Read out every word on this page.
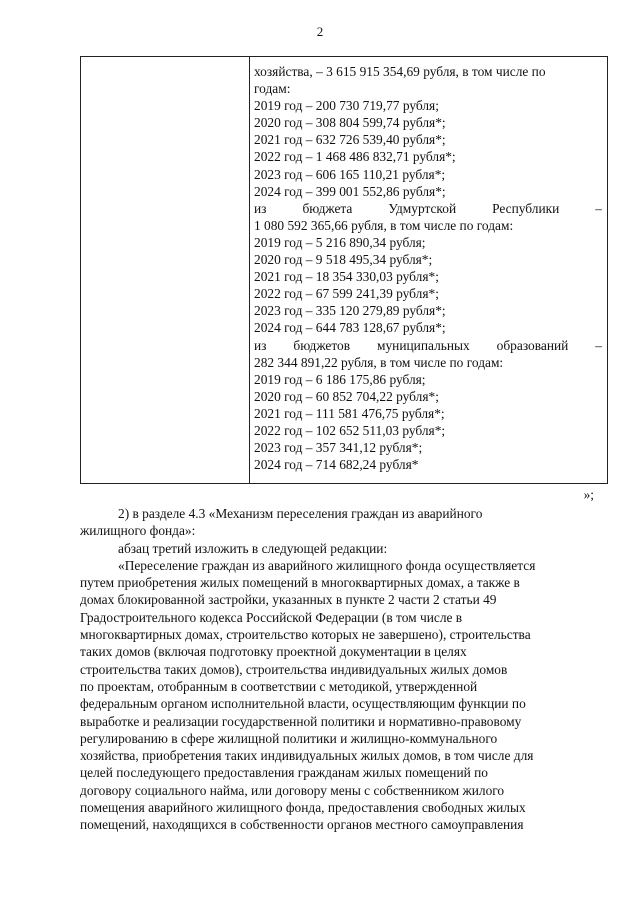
2
хозяйства, – 3 615 915 354,69 рубля, в том числе по
годам:
2019 год – 200 730 719,77 рубля;
2020 год – 308 804 599,74 рубля*;
2021 год – 632 726 539,40 рубля*;
2022 год – 1 468 486 832,71 рубля*;
2023 год – 606 165 110,21 рубля*;
2024 год – 399 001 552,86 рубля*;
из	бюджета	Удмуртской	Республики	–
1 080 592 365,66 рубля, в том числе по годам:
2019 год – 5 216 890,34 рубля;
2020 год – 9 518 495,34 рубля*;
2021 год – 18 354 330,03 рубля*;
2022 год – 67 599 241,39 рубля*;
2023 год – 335 120 279,89 рубля*;
2024 год – 644 783 128,67 рубля*;
из бюджетов муниципальных образований –
282 344 891,22 рубля, в том числе по годам:
2019 год – 6 186 175,86 рубля;
2020 год – 60 852 704,22 рубля*;
2021 год – 111 581 476,75 рубля*;
2022 год – 102 652 511,03 рубля*;
2023 год – 357 341,12 рубля*;
2024 год – 714 682,24 рубля*
»;
2) в разделе 4.3 «Механизм переселения граждан из аварийного
жилищного фонда»:
абзац третий изложить в следующей редакции:
«Переселение граждан из аварийного жилищного фонда осуществляется
путем приобретения жилых помещений в многоквартирных домах, а также в
домах блокированной застройки, указанных в пункте 2 части 2 статьи 49
Градостроительного кодекса Российской Федерации (в том числе в
многоквартирных домах, строительство которых не завершено), строительства
таких домов (включая подготовку проектной документации в целях
строительства таких домов), строительства индивидуальных жилых домов
по проектам, отобранным в соответствии с методикой, утвержденной
федеральным органом исполнительной власти, осуществляющим функции по
выработке и реализации государственной политики и нормативно-правовому
регулированию в сфере жилищной политики и жилищно-коммунального
хозяйства, приобретения таких индивидуальных жилых домов, в том числе для
целей последующего предоставления гражданам жилых помещений по
договору социального найма, или договору мены с собственником жилого
помещения аварийного жилищного фонда, предоставления свободных жилых
помещений, находящихся в собственности органов местного самоуправления
